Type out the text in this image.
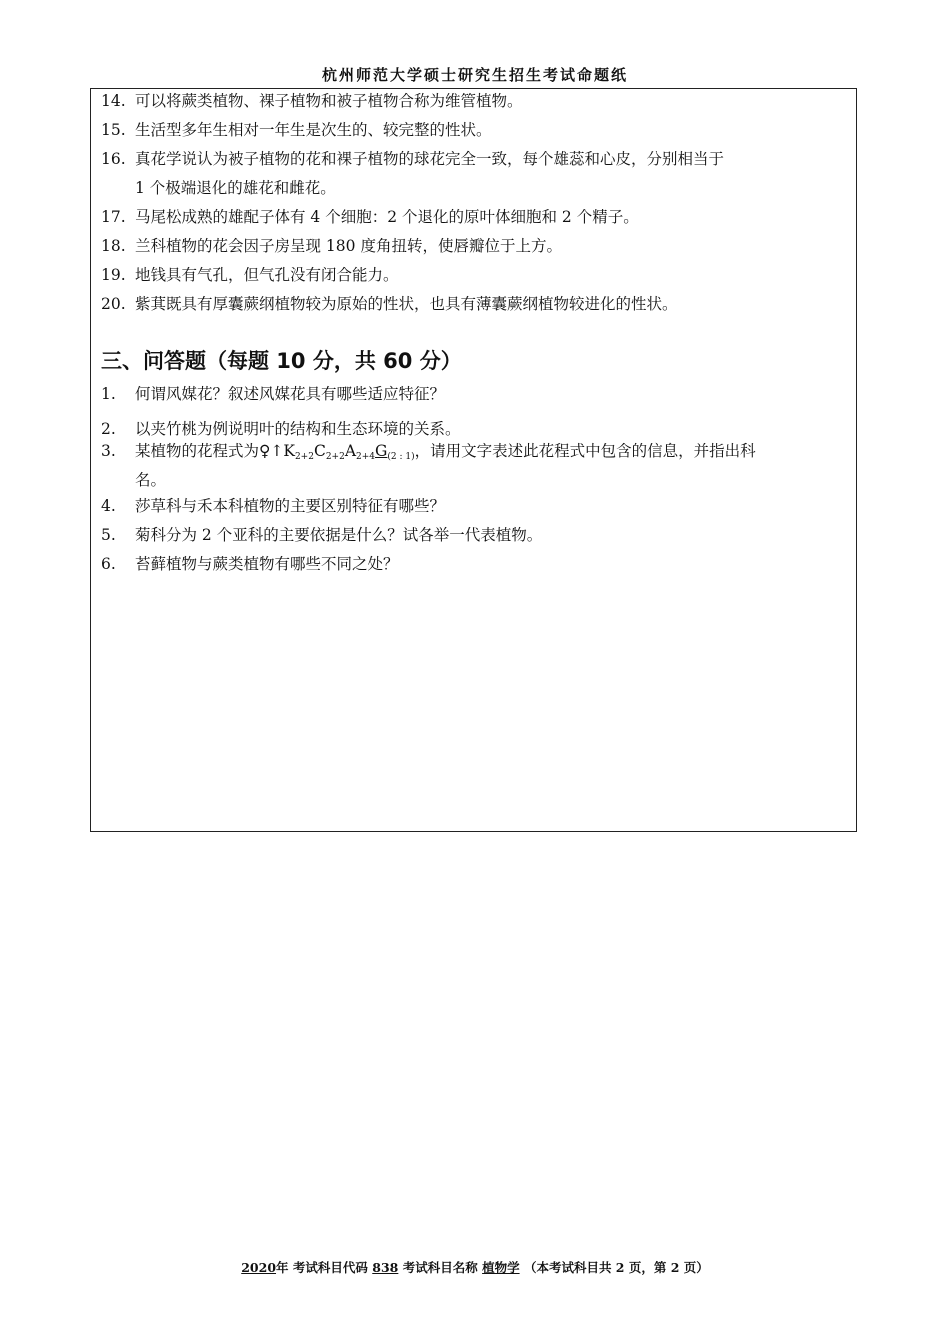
杭州师范大学硕士研究生招生考试命题纸
14. 可以将蕨类植物、裸子植物和被子植物合称为维管植物。
15. 生活型多年生相对一年生是次生的、较完整的性状。
16. 真花学说认为被子植物的花和裸子植物的球花完全一致，每个雄蕊和心皮，分别相当于
1 个极端退化的雄花和雌花。
17. 马尾松成熟的雄配子体有 4 个细胞：2 个退化的原叶体细胞和 2 个精子。
18. 兰科植物的花会因子房呈现 180 度角扭转，使唇瓣位于上方。
19. 地钱具有气孔，但气孔没有闭合能力。
20. 紫萁既具有厚囊蕨纲植物较为原始的性状，也具有薄囊蕨纲植物较进化的性状。
三、问答题（每题 10 分，共 60 分）
1. 何谓风媒花？叙述风媒花具有哪些适应特征？
2. 以夹竹桃为例说明叶的结构和生态环境的关系。
3. 某植物的花程式为$♀↑K_{2+2}C_{2+2}A_{2+4}G_{(2 : 1)}$，请用文字表述此花程式中包含的信息，并指出科
名。
4. 莎草科与禾本科植物的主要区别特征有哪些？
5. 菊科分为 2 个亚科的主要依据是什么？试各举一代表植物。
6. 苔藓植物与蕨类植物有哪些不同之处？
2020年 考试科目代码 838 考试科目名称 植物学 （本考试科目共 2 页，第 2 页）
